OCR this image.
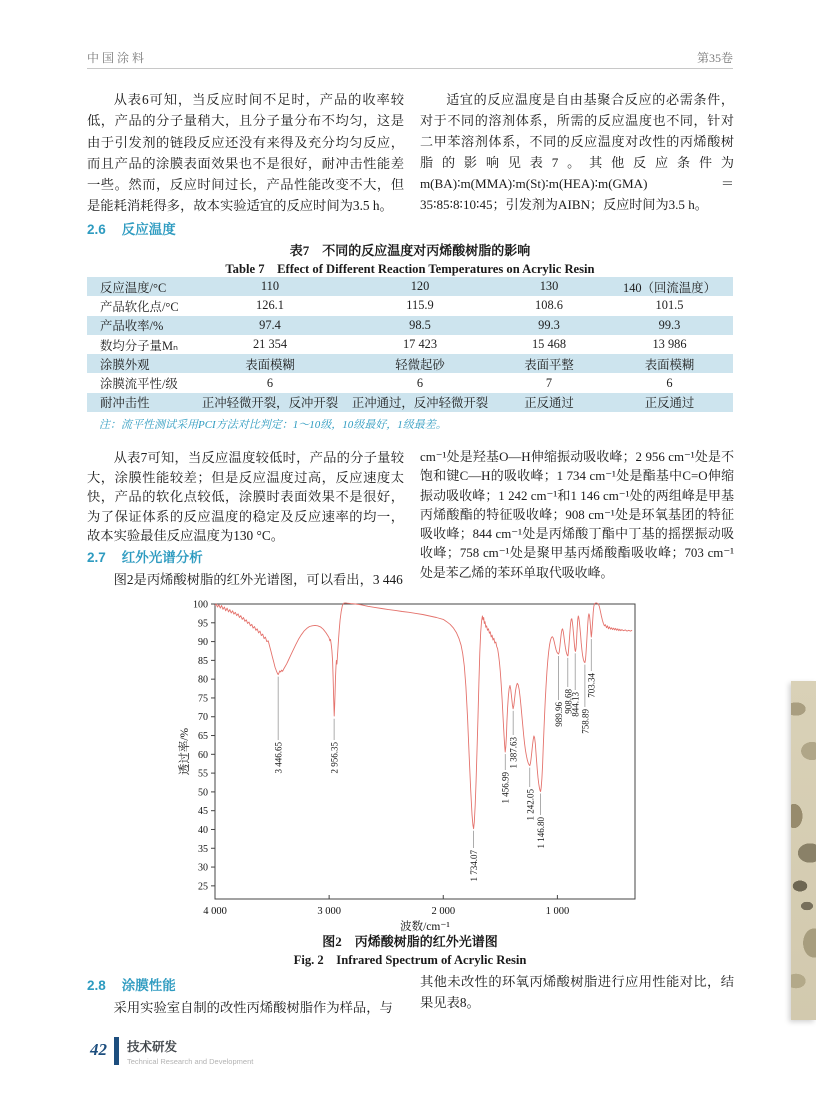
中国涂料	第35卷
从表6可知，当反应时间不足时，产品的收率较低，产品的分子量稍大，且分子量分布不均匀，这是由于引发剂的链段反应还没有来得及充分均匀反应，而且产品的涂膜表面效果也不是很好，耐冲击性能差一些。然而，反应时间过长，产品性能改变不大，但是能耗消耗得多，故本实验适宜的反应时间为3.5 h。
2.6 反应温度
适宜的反应温度是自由基聚合反应的必需条件，对于不同的溶剂体系，所需的反应温度也不同，针对二甲苯溶剂体系，不同的反应温度对改性的丙烯酸树脂的影响见表7。其他反应条件为m(BA)∶m(MMA)∶m(St)∶m(HEA)∶m(GMA)＝35∶85∶8∶10∶45；引发剂为AIBN；反应时间为3.5 h。
表7　不同的反应温度对丙烯酸树脂的影响
Table 7　Effect of Different Reaction Temperatures on Acrylic Resin
反应温度/°C	110	120	130	140（回流温度）
产品软化点/°C	126.1	115.9	108.6	101.5
产品收率/%	97.4	98.5	99.3	99.3
数均分子量Mₙ	21 354	17 423	15 468	13 986
涂膜外观	表面模糊	轻微起砂	表面平整	表面模糊
涂膜流平性/级	6	6	7	6
耐冲击性	正冲轻微开裂，反冲开裂	正冲通过，反冲轻微开裂	正反通过	正反通过
注：流平性测试采用PCI方法对比判定：1～10级，10级最好，1级最差。
从表7可知，当反应温度较低时，产品的分子量较大，涂膜性能较差；但是反应温度过高，反应速度太快，产品的软化点较低，涂膜时表面效果不是很好，为了保证体系的反应温度的稳定及反应速率的均一，故本实验最佳反应温度为130 °C。
2.7 红外光谱分析
图2是丙烯酸树脂的红外光谱图，可以看出，3 446
cm⁻¹处是羟基O—H伸缩振动吸收峰；2 956 cm⁻¹处是不饱和键C—H的吸收峰；1 734 cm⁻¹处是酯基中C=O伸缩振动吸收峰；1 242 cm⁻¹和1 146 cm⁻¹处的两组峰是甲基丙烯酸酯的特征吸收峰；908 cm⁻¹处是环氧基团的特征吸收峰；844 cm⁻¹处是丙烯酸丁酯中丁基的摇摆振动吸收峰；758 cm⁻¹处是聚甲基丙烯酸酯吸收峰；703 cm⁻¹处是苯乙烯的苯环单取代吸收峰。
100
95
90
85
80
75
70
65
60
55
50
45
40
35
30
25
4 000	3 000	2 000	1 000
透过率/%
波数/cm⁻¹
3 446.65	2 956.35
1 734.07
1 456.99
1 387.63
1 242.05
1 146.80
989.96
908.68
844.13
758.89
703.34
图2　丙烯酸树脂的红外光谱图
Fig. 2　Infrared Spectrum of Acrylic Resin
2.8 涂膜性能
采用实验室自制的改性丙烯酸树脂作为样品，与
其他未改性的环氧丙烯酸树脂进行应用性能对比，结果见表8。
42 技术研发
Technical Research and Development
